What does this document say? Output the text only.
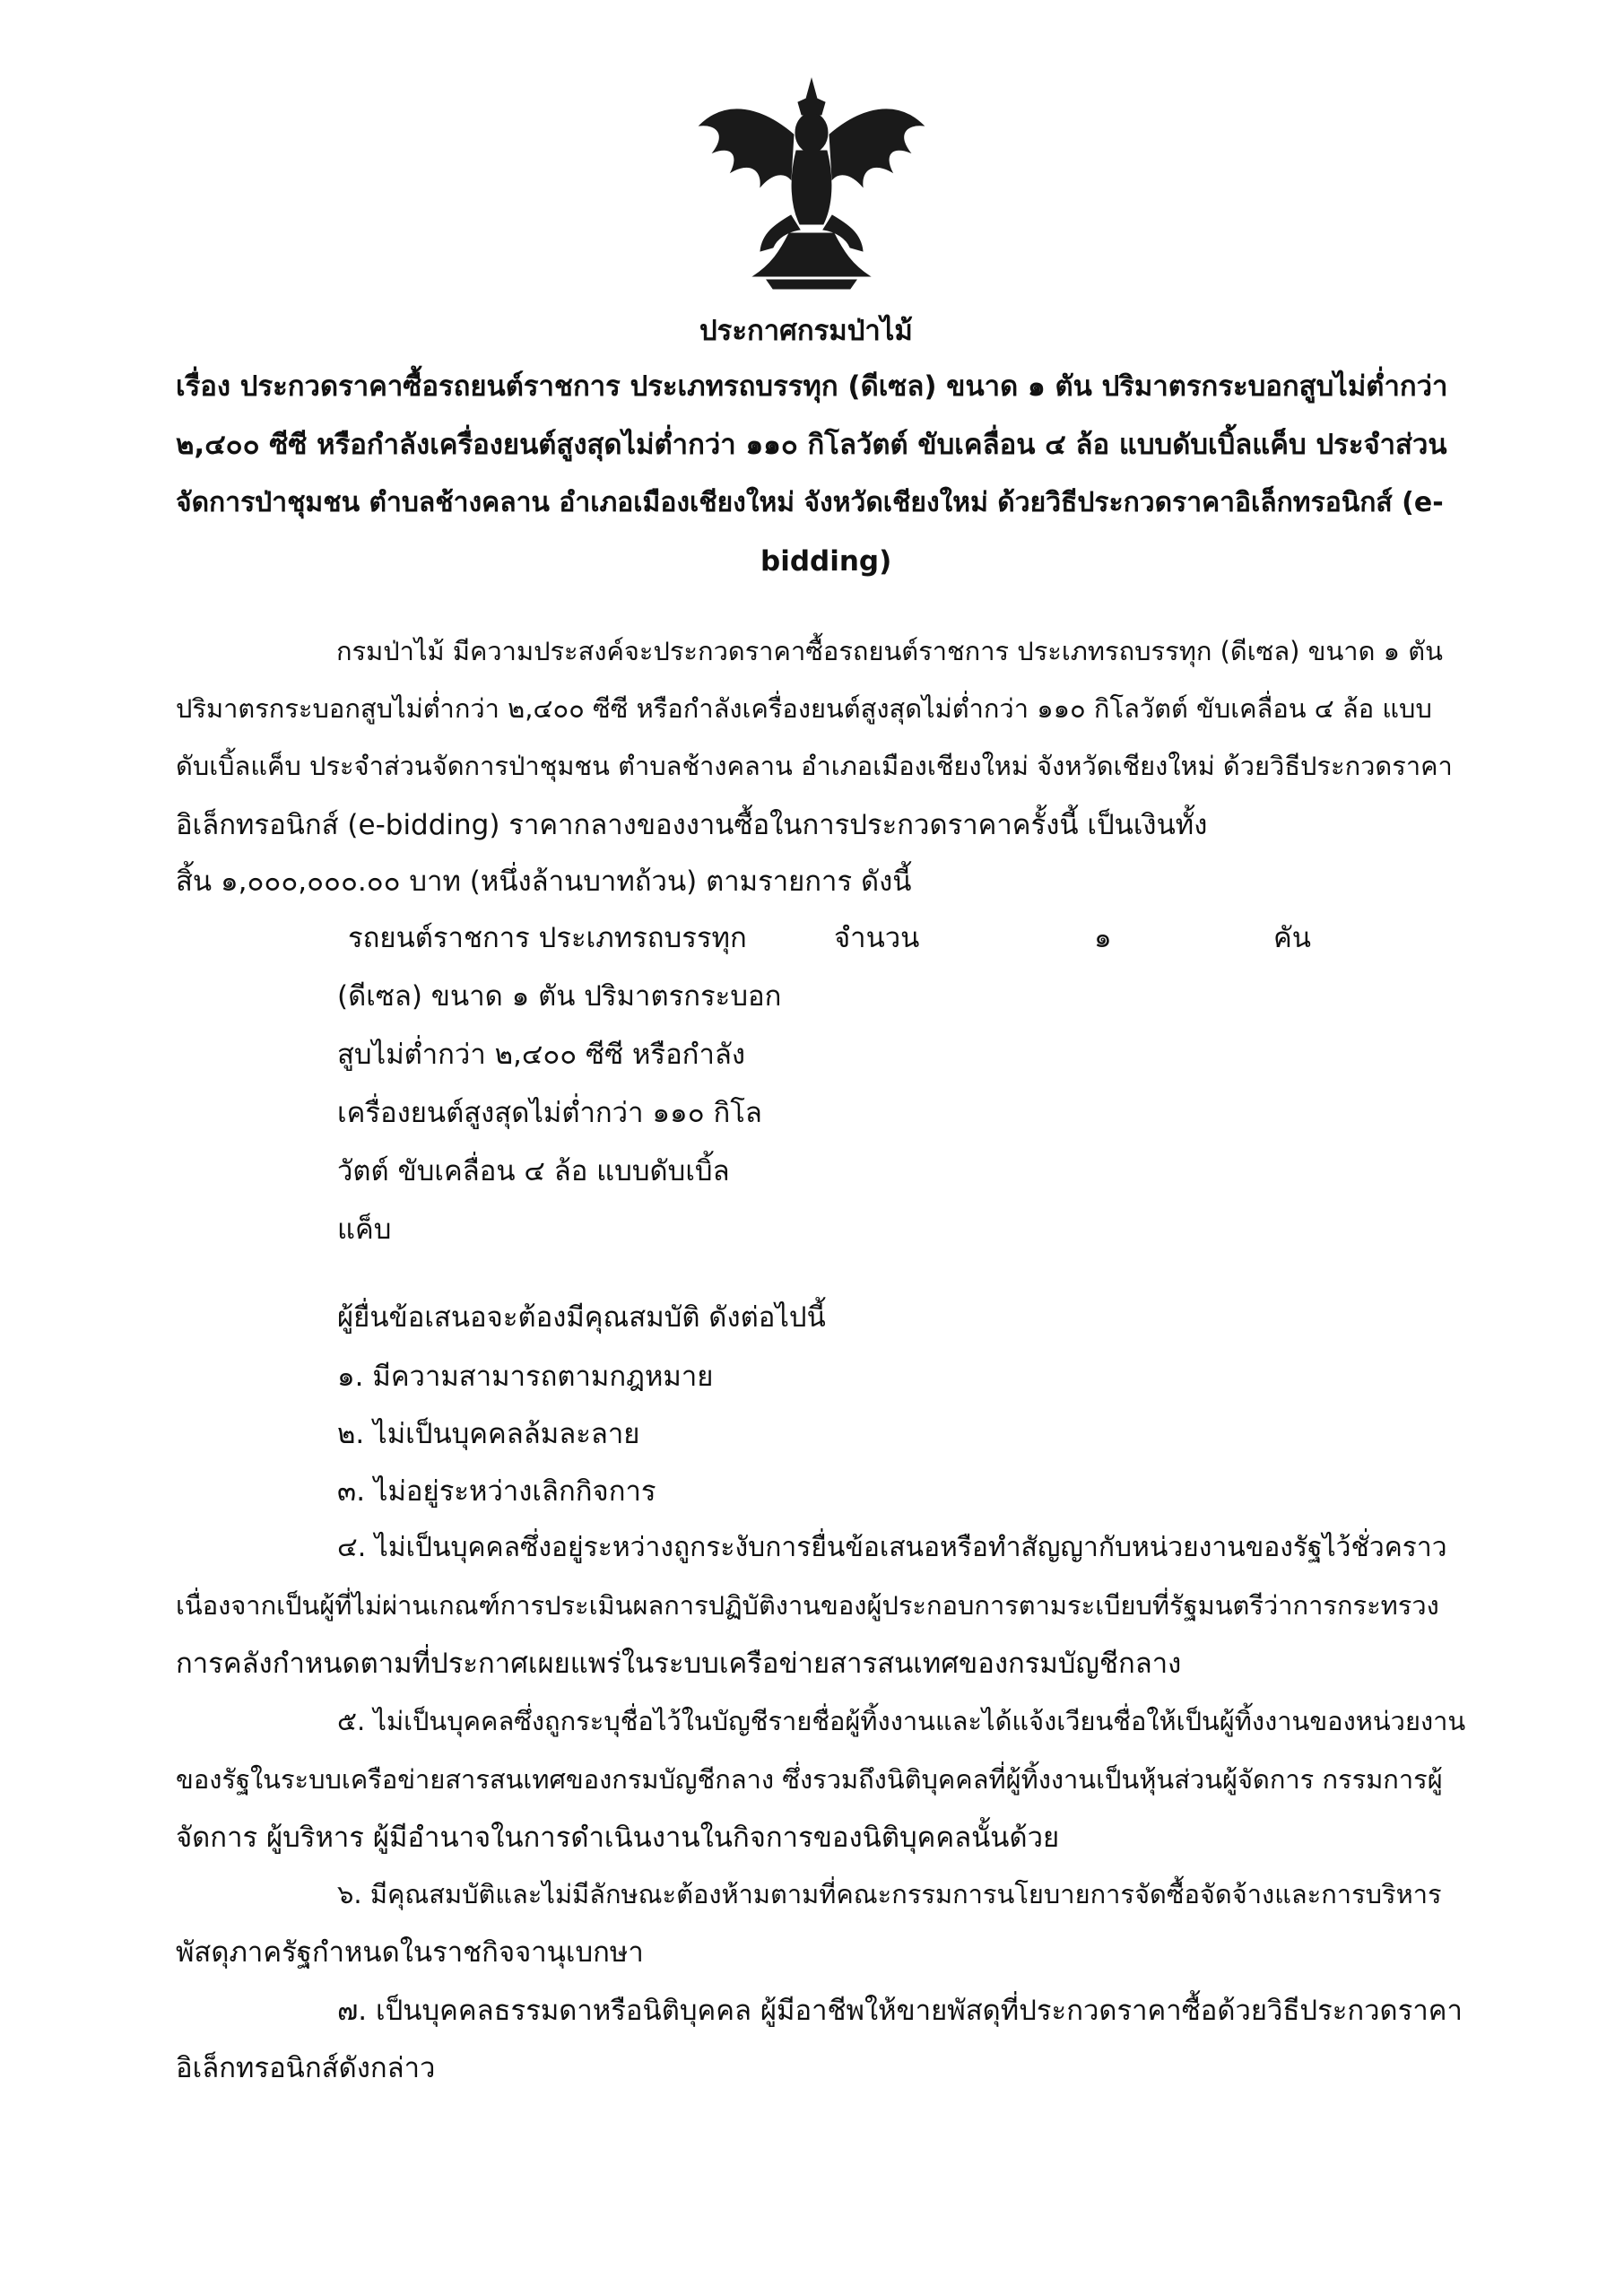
ประกาศกรมป่าไม้
เรื่อง ประกวดราคาซื้อรถยนต์ราชการ ประเภทรถบรรทุก (ดีเซล) ขนาด ๑ ตัน ปริมาตรกระบอกสูบไม่ต่ำกว่า
๒,๔๐๐ ซีซี หรือกำลังเครื่องยนต์สูงสุดไม่ต่ำกว่า ๑๑๐ กิโลวัตต์ ขับเคลื่อน ๔ ล้อ แบบดับเบิ้ลแค็บ ประจำส่วน
จัดการป่าชุมชน ตำบลช้างคลาน อำเภอเมืองเชียงใหม่ จังหวัดเชียงใหม่ ด้วยวิธีประกวดราคาอิเล็กทรอนิกส์ (e-
bidding)
กรมป่าไม้ มีความประสงค์จะประกวดราคาซื้อรถยนต์ราชการ ประเภทรถบรรทุก (ดีเซล) ขนาด ๑ ตัน
ปริมาตรกระบอกสูบไม่ต่ำกว่า ๒,๔๐๐ ซีซี หรือกำลังเครื่องยนต์สูงสุดไม่ต่ำกว่า ๑๑๐ กิโลวัตต์ ขับเคลื่อน ๔ ล้อ แบบ
ดับเบิ้ลแค็บ ประจำส่วนจัดการป่าชุมชน ตำบลช้างคลาน อำเภอเมืองเชียงใหม่ จังหวัดเชียงใหม่ ด้วยวิธีประกวดราคา
อิเล็กทรอนิกส์ (e-bidding) ราคากลางของงานซื้อในการประกวดราคาครั้งนี้ เป็นเงินทั้ง
สิ้น ๑,๐๐๐,๐๐๐.๐๐ บาท (หนึ่งล้านบาทถ้วน) ตามรายการ ดังนี้
รถยนต์ราชการ ประเภทรถบรรทุก	จำนวน	๑	คัน
(ดีเซล) ขนาด ๑ ตัน ปริมาตรกระบอก
สูบไม่ต่ำกว่า ๒,๔๐๐ ซีซี หรือกำลัง
เครื่องยนต์สูงสุดไม่ต่ำกว่า ๑๑๐ กิโล
วัตต์ ขับเคลื่อน ๔ ล้อ แบบดับเบิ้ล
แค็บ
ผู้ยื่นข้อเสนอจะต้องมีคุณสมบัติ ดังต่อไปนี้
๑. มีความสามารถตามกฎหมาย
๒. ไม่เป็นบุคคลล้มละลาย
๓. ไม่อยู่ระหว่างเลิกกิจการ
๔. ไม่เป็นบุคคลซึ่งอยู่ระหว่างถูกระงับการยื่นข้อเสนอหรือทำสัญญากับหน่วยงานของรัฐไว้ชั่วคราว
เนื่องจากเป็นผู้ที่ไม่ผ่านเกณฑ์การประเมินผลการปฏิบัติงานของผู้ประกอบการตามระเบียบที่รัฐมนตรีว่าการกระทรวง
การคลังกำหนดตามที่ประกาศเผยแพร่ในระบบเครือข่ายสารสนเทศของกรมบัญชีกลาง
๕. ไม่เป็นบุคคลซึ่งถูกระบุชื่อไว้ในบัญชีรายชื่อผู้ทิ้งงานและได้แจ้งเวียนชื่อให้เป็นผู้ทิ้งงานของหน่วยงาน
ของรัฐในระบบเครือข่ายสารสนเทศของกรมบัญชีกลาง ซึ่งรวมถึงนิติบุคคลที่ผู้ทิ้งงานเป็นหุ้นส่วนผู้จัดการ กรรมการผู้
จัดการ ผู้บริหาร ผู้มีอำนาจในการดำเนินงานในกิจการของนิติบุคคลนั้นด้วย
๖. มีคุณสมบัติและไม่มีลักษณะต้องห้ามตามที่คณะกรรมการนโยบายการจัดซื้อจัดจ้างและการบริหาร
พัสดุภาครัฐกำหนดในราชกิจจานุเบกษา
๗. เป็นบุคคลธรรมดาหรือนิติบุคคล ผู้มีอาชีพให้ขายพัสดุที่ประกวดราคาซื้อด้วยวิธีประกวดราคา
อิเล็กทรอนิกส์ดังกล่าว
